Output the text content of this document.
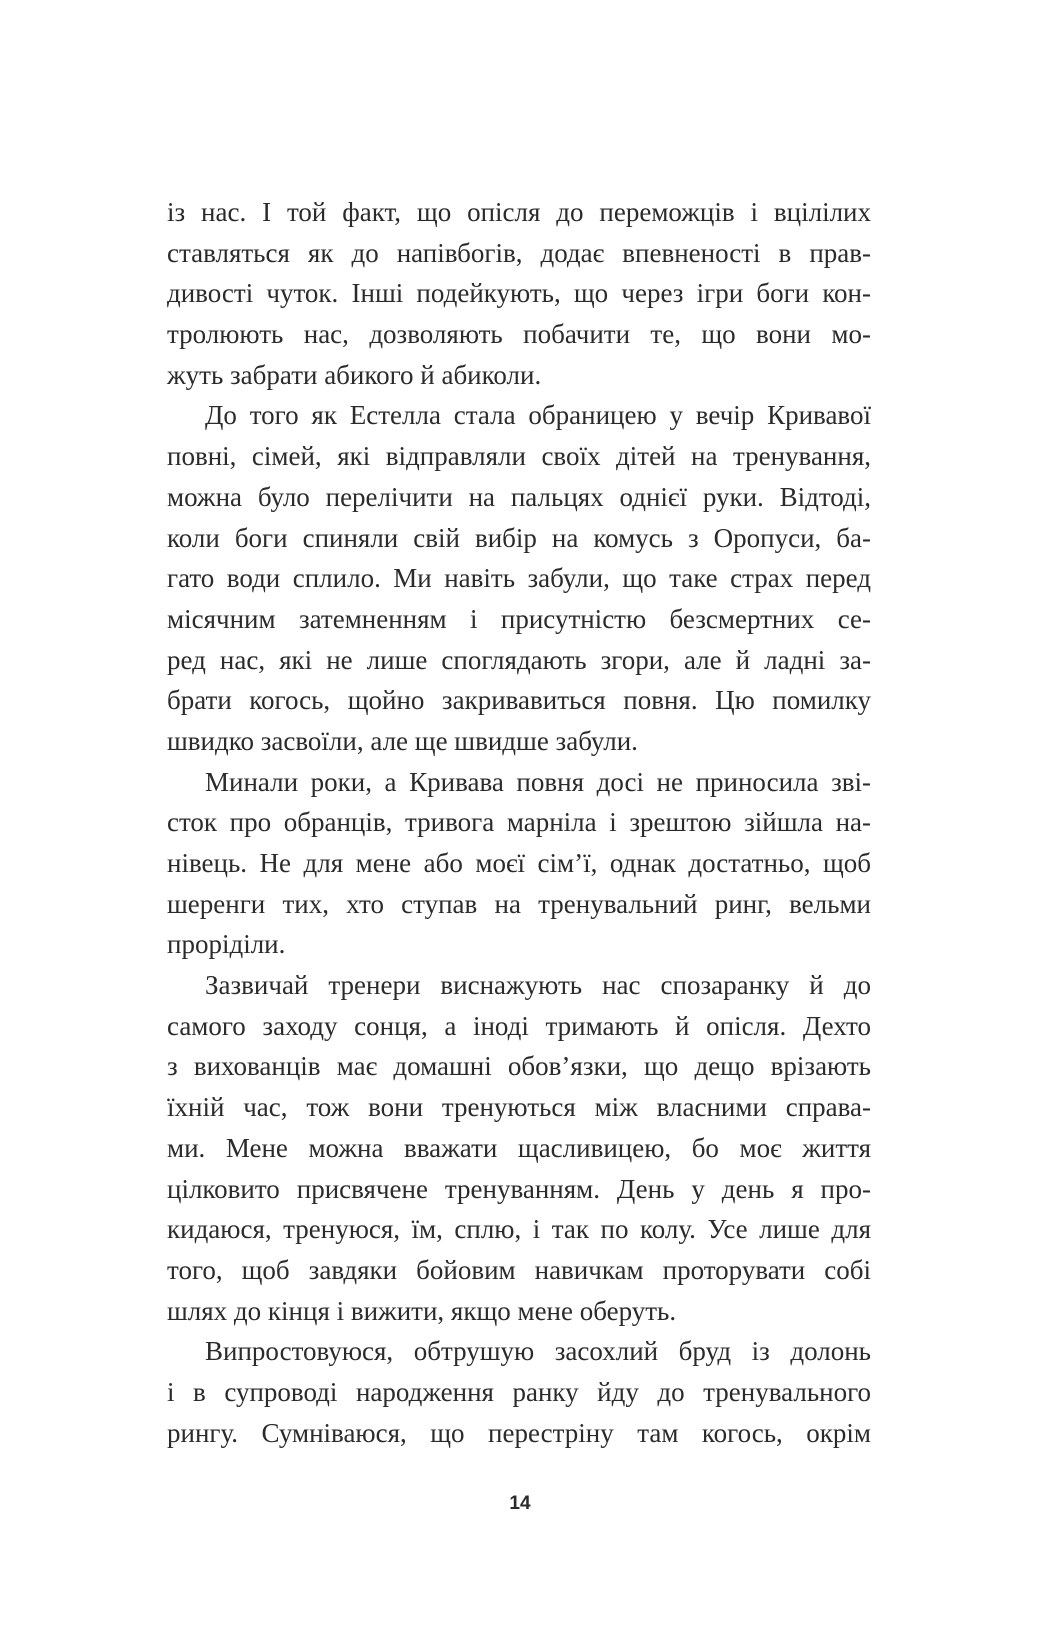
із нас. І той факт, що опісля до переможців і вцілілих
ставляться як до напівбогів, додає впевненості в прав-
дивості чуток. Інші подейкують, що через ігри боги кон-
тролюють нас, дозволяють побачити те, що вони мо-
жуть забрати абикого й абиколи.
До того як Естелла стала обраницею у вечір Кривавої
повні, сімей, які відправляли своїх дітей на тренування,
можна було перелічити на пальцях однієї руки. Відтоді,
коли боги спиняли свій вибір на комусь з Оропуси, ба-
гато води сплило. Ми навіть забули, що таке страх перед
місячним затемненням і присутністю безсмертних се-
ред нас, які не лише споглядають згори, але й ладні за-
брати когось, щойно закривавиться повня. Цю помилку
швидко засвоїли, але ще швидше забули.
Минали роки, а Кривава повня досі не приносила зві-
сток про обранців, тривога марніла і зрештою зійшла на-
нівець. Не для мене або моєї сім’ї, однак достатньо, щоб
шеренги тих, хто ступав на тренувальний ринг, вельми
проріділи.
Зазвичай тренери виснажують нас спозаранку й до
самого заходу сонця, а іноді тримають й опісля. Дехто
з вихованців має домашні обов’язки, що дещо врізають
їхній час, тож вони тренуються між власними справа-
ми. Мене можна вважати щасливицею, бо моє життя
цілковито присвячене тренуванням. День у день я про-
кидаюся, тренуюся, їм, сплю, і так по колу. Усе лише для
того, щоб завдяки бойовим навичкам проторувати собі
шлях до кінця і вижити, якщо мене оберуть.
Випростовуюся, обтрушую засохлий бруд із долонь
і в супроводі народження ранку йду до тренувального
рингу. Сумніваюся, що перестріну там когось, окрім
14
